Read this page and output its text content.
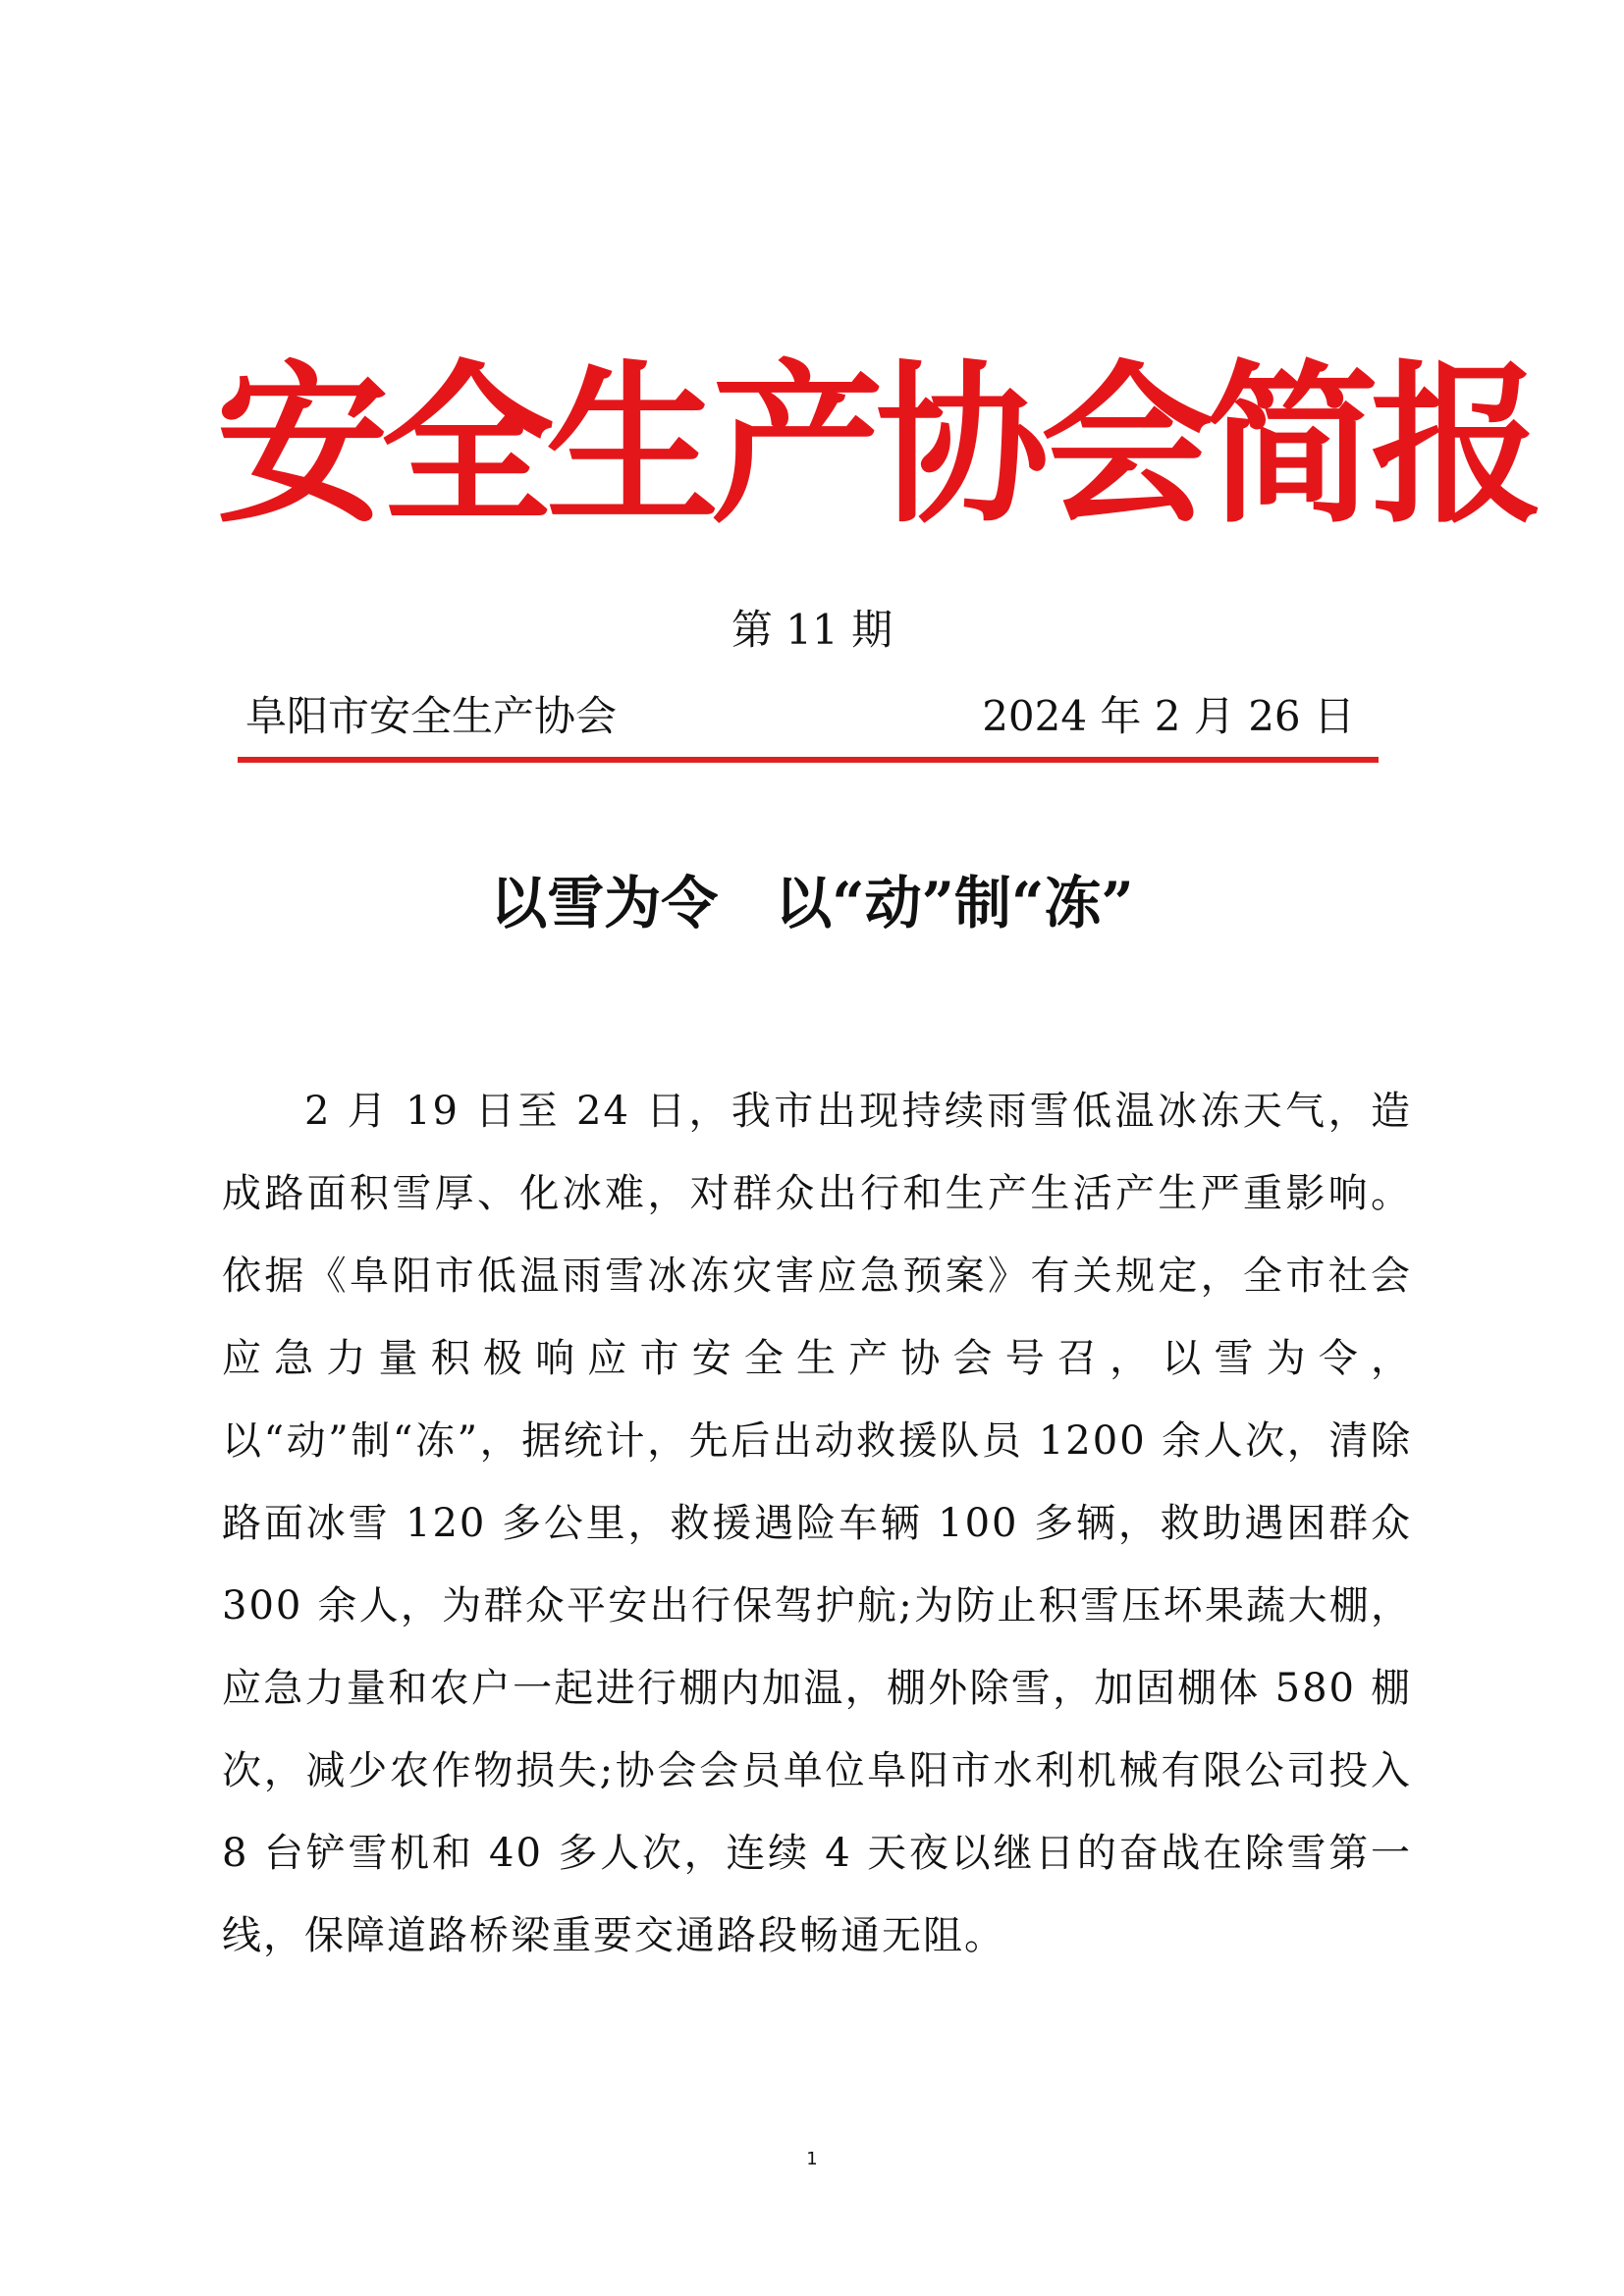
安全生产协会简报
第 11 期
阜阳市安全生产协会	2024 年 2 月 26 日
以雪为令　以“动”制“冻”

2 月 19 日至 24 日，我市出现持续雨雪低温冰冻天气，造成路面积雪厚、化冰难，对群众出行和生产生活产生严重影响。依据《阜阳市低温雨雪冰冻灾害应急预案》有关规定，全市社会应急力量积极响应市安全生产协会号召，以雪为令， 以“动”制“冻”，据统计，先后出动救援队员 1200 余人次，清除路面冰雪 120 多公里，救援遇险车辆 100 多辆，救助遇困群众 300 余人，为群众平安出行保驾护航;为防止积雪压坏果蔬大棚，应急力量和农户一起进行棚内加温，棚外除雪，加固棚体 580 棚次，减少农作物损失;协会会员单位阜阳市水利机械有限公司投入 8 台铲雪机和 40 多人次，连续 4 天夜以继日的奋战在除雪第一线，保障道路桥梁重要交通路段畅通无阻。

1
